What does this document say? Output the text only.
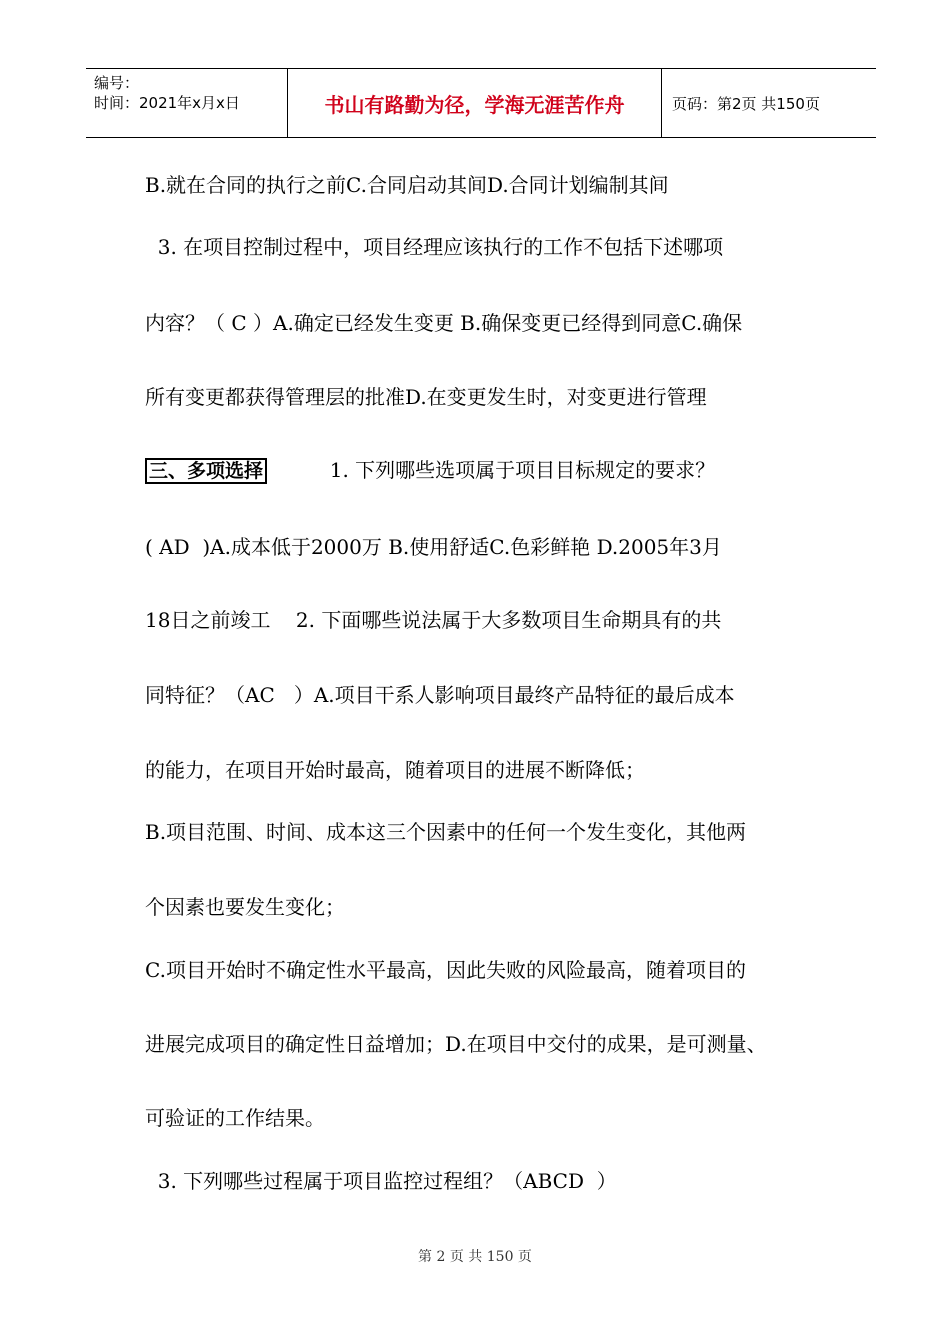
编号：
时间：2021年x月x日	书山有路勤为径，学海无涯苦作舟	页码：第2页 共150页
B.就在合同的执行之前C.合同启动其间D.合同计划编制其间
3. 在项目控制过程中，项目经理应该执行的工作不包括下述哪项
内容？（ C ）A.确定已经发生变更 B.确保变更已经得到同意C.确保
所有变更都获得管理层的批准D.在变更发生时，对变更进行管理
三、多项选择	1. 下列哪些选项属于项目目标规定的要求？
( AD  )A.成本低于2000万 B.使用舒适C.色彩鲜艳 D.2005年3月
18日之前竣工    2. 下面哪些说法属于大多数项目生命期具有的共
同特征？（AC   ）A.项目干系人影响项目最终产品特征的最后成本
的能力，在项目开始时最高，随着项目的进展不断降低；
B.项目范围、时间、成本这三个因素中的任何一个发生变化，其他两
个因素也要发生变化；
C.项目开始时不确定性水平最高，因此失败的风险最高，随着项目的
进展完成项目的确定性日益增加；D.在项目中交付的成果，是可测量、
可验证的工作结果。
3. 下列哪些过程属于项目监控过程组？（ABCD  ）
第 2 页 共 150 页
